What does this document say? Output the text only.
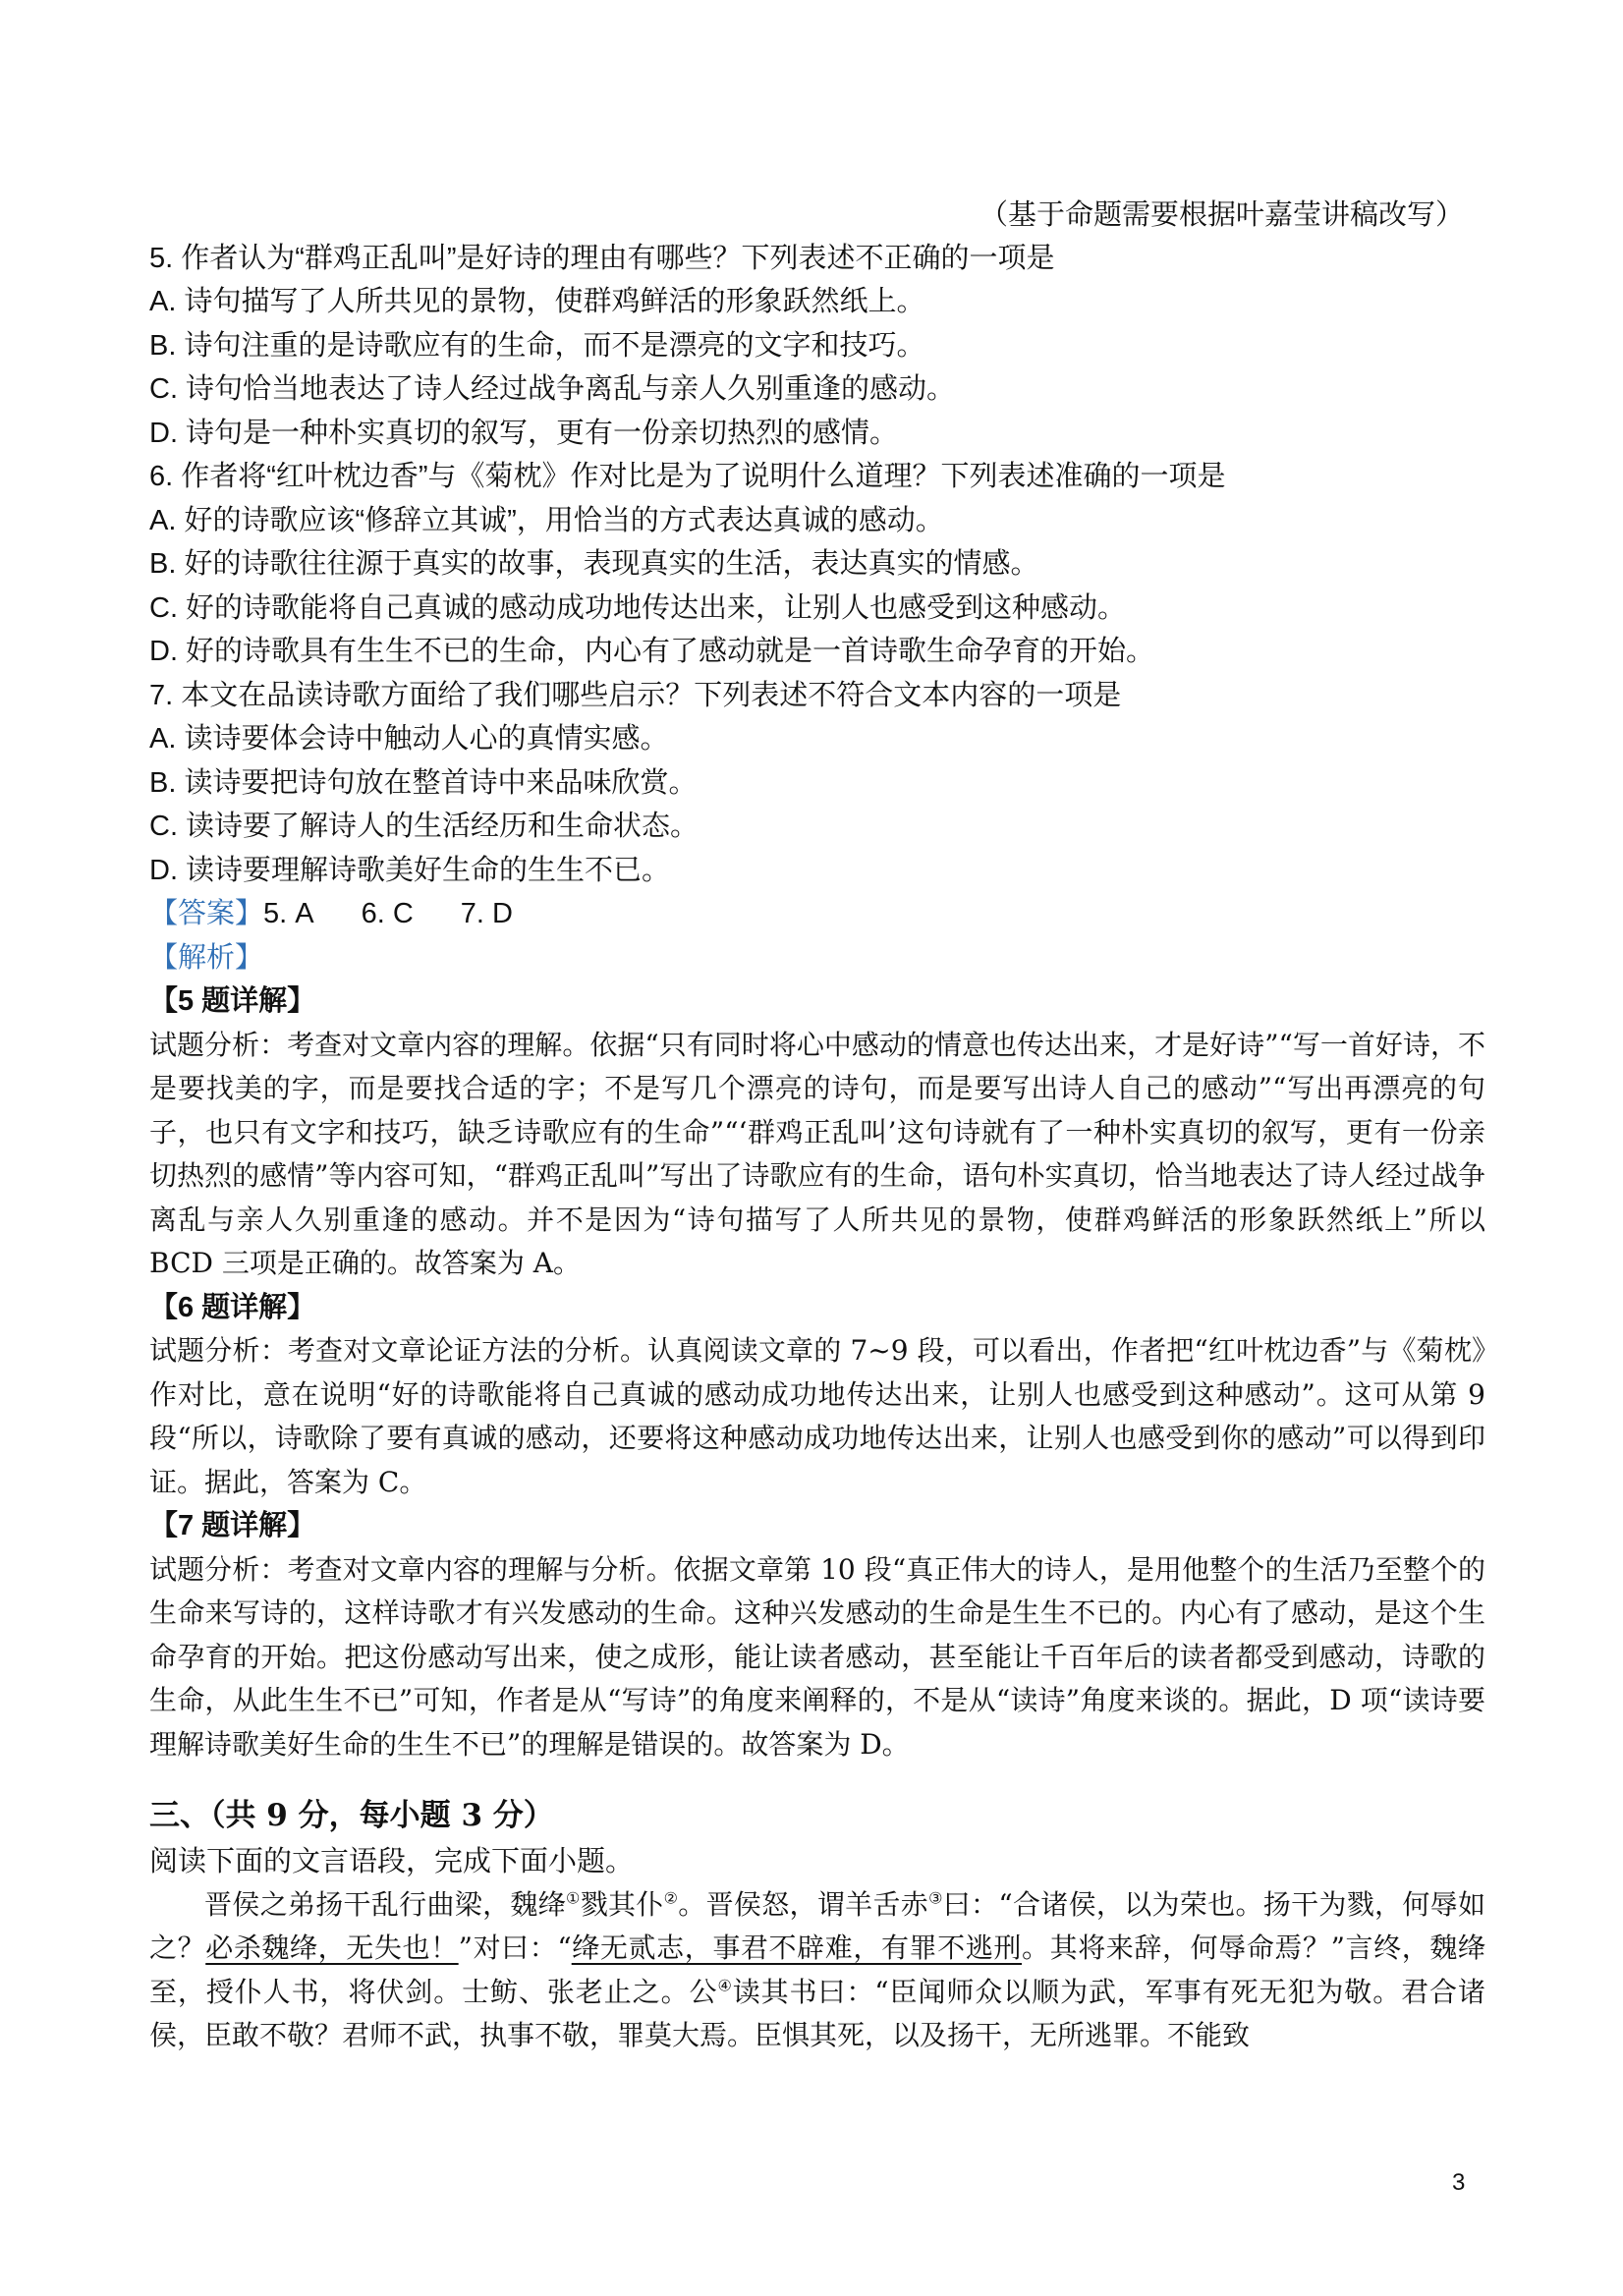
（基于命题需要根据叶嘉莹讲稿改写）
5. 作者认为“群鸡正乱叫”是好诗的理由有哪些？下列表述不正确的一项是
A. 诗句描写了人所共见的景物，使群鸡鲜活的形象跃然纸上。
B. 诗句注重的是诗歌应有的生命，而不是漂亮的文字和技巧。
C. 诗句恰当地表达了诗人经过战争离乱与亲人久别重逢的感动。
D. 诗句是一种朴实真切的叙写，更有一份亲切热烈的感情。
6. 作者将“红叶枕边香”与《菊枕》作对比是为了说明什么道理？下列表述准确的一项是
A. 好的诗歌应该“修辞立其诚”，用恰当的方式表达真诚的感动。
B. 好的诗歌往往源于真实的故事，表现真实的生活，表达真实的情感。
C. 好的诗歌能将自己真诚的感动成功地传达出来，让别人也感受到这种感动。
D. 好的诗歌具有生生不已的生命，内心有了感动就是一首诗歌生命孕育的开始。
7. 本文在品读诗歌方面给了我们哪些启示？下列表述不符合文本内容的一项是
A. 读诗要体会诗中触动人心的真情实感。
B. 读诗要把诗句放在整首诗中来品味欣赏。
C. 读诗要了解诗人的生活经历和生命状态。
D. 读诗要理解诗歌美好生命的生生不已。
【答案】5. A 6. C 7. D
【解析】
【5 题详解】
试题分析：考查对文章内容的理解。依据“只有同时将心中感动的情意也传达出来，才是好诗”“写一首好诗，不是要找美的字，而是要找合适的字；不是写几个漂亮的诗句，而是要写出诗人自己的感动”“写出再漂亮的句子，也只有文字和技巧，缺乏诗歌应有的生命”“‘群鸡正乱叫’这句诗就有了一种朴实真切的叙写，更有一份亲切热烈的感情”等内容可知，“群鸡正乱叫”写出了诗歌应有的生命，语句朴实真切，恰当地表达了诗人经过战争离乱与亲人久别重逢的感动。并不是因为“诗句描写了人所共见的景物，使群鸡鲜活的形象跃然纸上”所以 BCD 三项是正确的。故答案为 A。
【6 题详解】
试题分析：考查对文章论证方法的分析。认真阅读文章的 7~9 段，可以看出，作者把“红叶枕边香”与《菊枕》作对比，意在说明“好的诗歌能将自己真诚的感动成功地传达出来，让别人也感受到这种感动”。这可从第 9 段“所以，诗歌除了要有真诚的感动，还要将这种感动成功地传达出来，让别人也感受到你的感动”可以得到印证。据此，答案为 C。
【7 题详解】
试题分析：考查对文章内容的理解与分析。依据文章第 10 段“真正伟大的诗人，是用他整个的生活乃至整个的生命来写诗的，这样诗歌才有兴发感动的生命。这种兴发感动的生命是生生不已的。内心有了感动，是这个生命孕育的开始。把这份感动写出来，使之成形，能让读者感动，甚至能让千百年后的读者都受到感动，诗歌的生命，从此生生不已”可知，作者是从“写诗”的角度来阐释的，不是从“读诗”角度来谈的。据此，D 项“读诗要理解诗歌美好生命的生生不已”的理解是错误的。故答案为 D。
三、（共 9 分，每小题 3 分）
阅读下面的文言语段，完成下面小题。
晋侯之弟扬干乱行曲梁，魏绛①戮其仆②。晋侯怒，谓羊舌赤③曰：“合诸侯，以为荣也。扬干为戮，何辱如之？必杀魏绛，无失也！”对曰：“绛无贰志，事君不辟难，有罪不逃刑。其将来辞，何辱命焉？”言终，魏绛至，授仆人书，将伏剑。士鲂、张老止之。公④读其书曰：“臣闻师众以顺为武，军事有死无犯为敬。君合诸侯，臣敢不敬？君师不武，执事不敬，罪莫大焉。臣惧其死，以及扬干，无所逃罪。不能致
3
